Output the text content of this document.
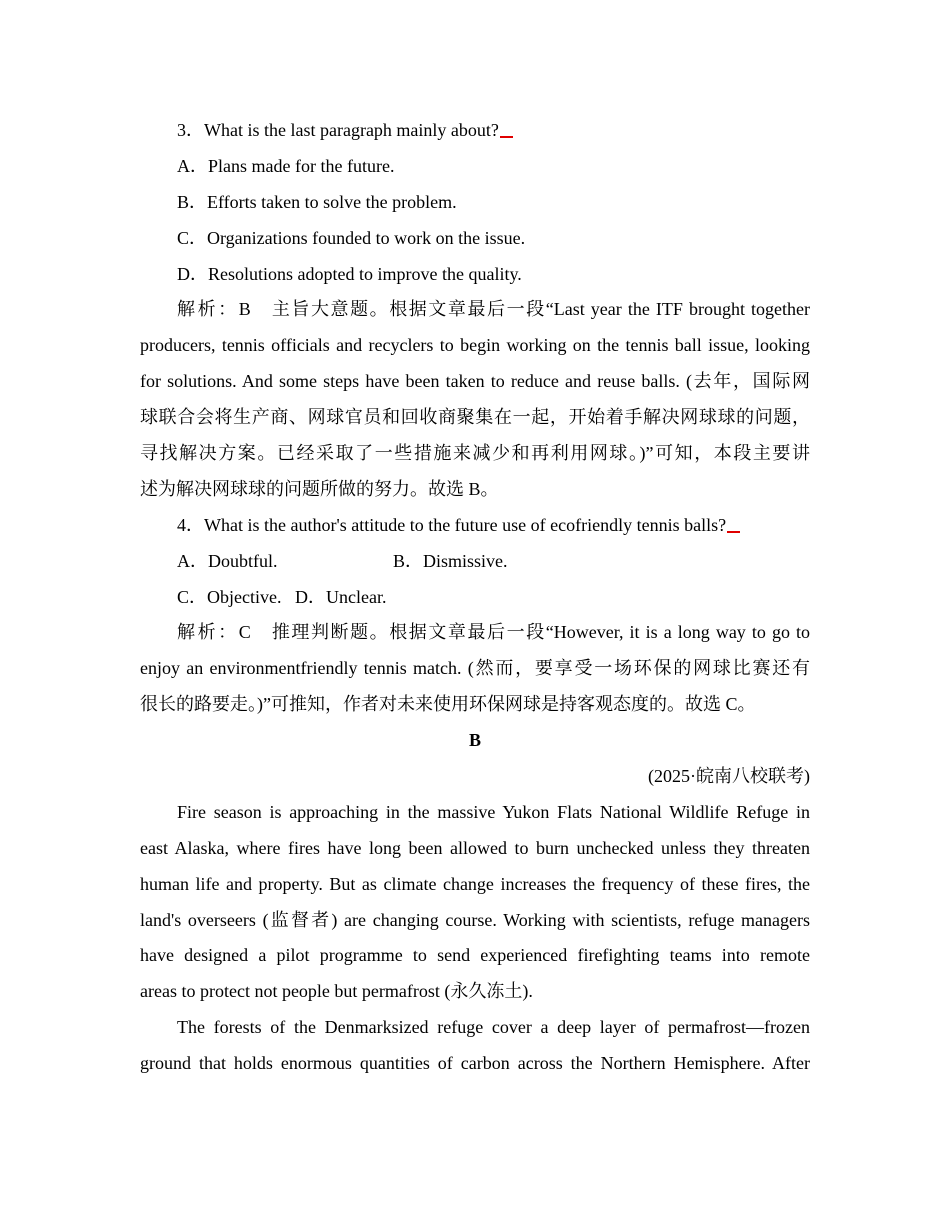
3．What is the last paragraph mainly about?
A．Plans made for the future.
B．Efforts taken to solve the problem.
C．Organizations founded to work on the issue.
D．Resolutions adopted to improve the quality.
解析：B　主旨大意题。根据文章最后一段“Last year the ITF brought together
producers, tennis officials and recyclers to begin working on the tennis ball issue, looking
for solutions. And some steps have been taken to reduce and reuse balls. (去年，国际网
球联合会将生产商、网球官员和回收商聚集在一起，开始着手解决网球球的问题，
寻找解决方案。已经采取了一些措施来减少和再利用网球。)”可知，本段主要讲
述为解决网球球的问题所做的努力。故选 B。
4．What is the author's attitude to the future use of ecofriendly tennis balls?
A．Doubtful.	B．Dismissive.
C．Objective. D．Unclear.
解析：C　推理判断题。根据文章最后一段“However, it is a long way to go to
enjoy an environmentfriendly tennis match. (然而，要享受一场环保的网球比赛还有
很长的路要走。)”可推知，作者对未来使用环保网球是持客观态度的。故选 C。
B
(2025·皖南八校联考)
Fire season is approaching in the massive Yukon Flats National Wildlife Refuge in
east Alaska, where fires have long been allowed to burn unchecked unless they threaten
human life and property. But as climate change increases the frequency of these fires, the
land's overseers (监督者) are changing course. Working with scientists, refuge managers
have designed a pilot programme to send experienced firefighting teams into remote
areas to protect not people but permafrost (永久冻土).
The forests of the Denmarksized refuge cover a deep layer of permafrost—frozen
ground that holds enormous quantities of carbon across the Northern Hemisphere. After
